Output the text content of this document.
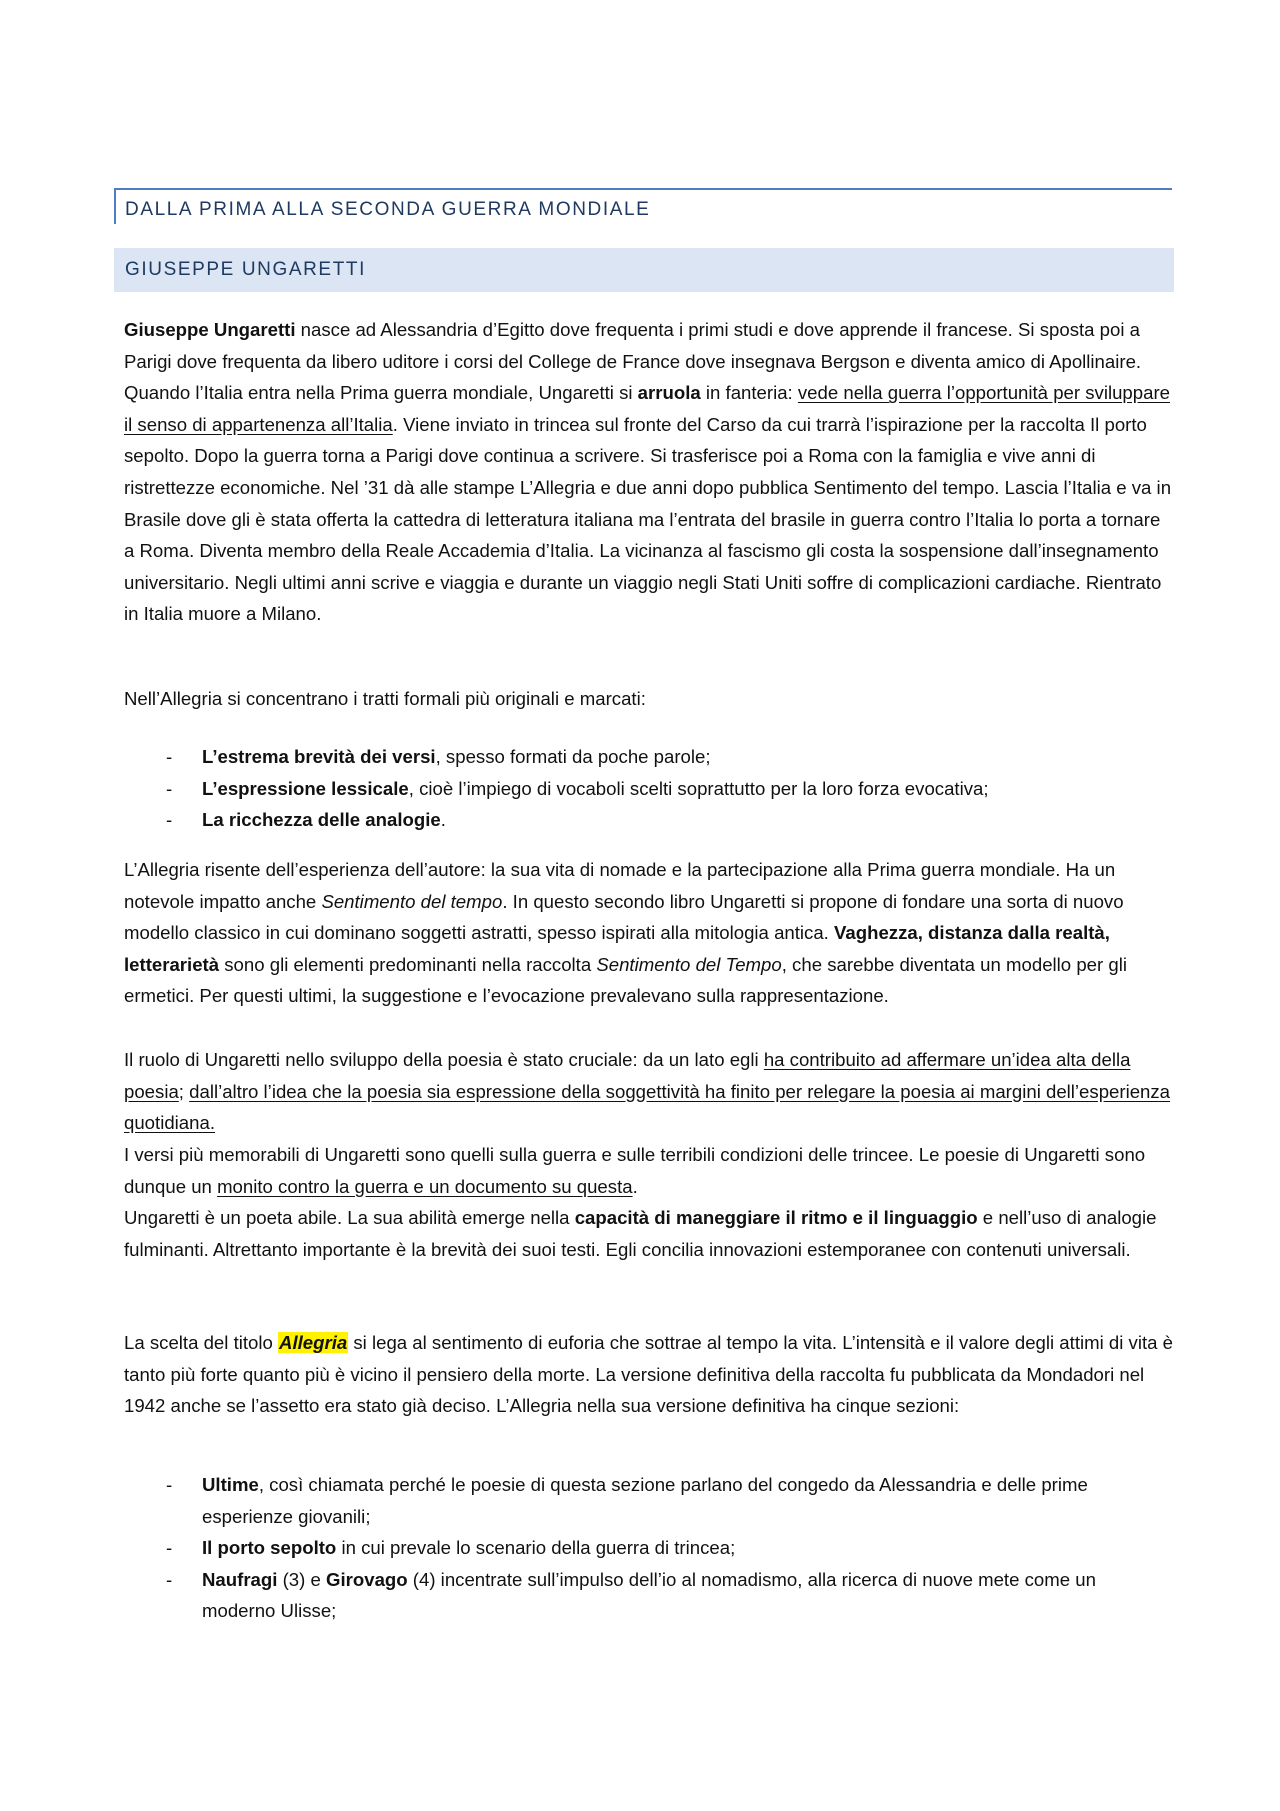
DALLA PRIMA ALLA SECONDA GUERRA MONDIALE
GIUSEPPE UNGARETTI

Giuseppe Ungaretti nasce ad Alessandria d’Egitto dove frequenta i primi studi e dove apprende il francese. Si sposta poi a Parigi dove frequenta da libero uditore i corsi del College de France dove insegnava Bergson e diventa amico di Apollinaire. Quando l’Italia entra nella Prima guerra mondiale, Ungaretti si arruola in fanteria: vede nella guerra l’opportunità per sviluppare il senso di appartenenza all’Italia. Viene inviato in trincea sul fronte del Carso da cui trarrà l’ispirazione per la raccolta Il porto sepolto. Dopo la guerra torna a Parigi dove continua a scrivere. Si trasferisce poi a Roma con la famiglia e vive anni di ristrettezze economiche. Nel ’31 dà alle stampe L’Allegria e due anni dopo pubblica Sentimento del tempo. Lascia l’Italia e va in Brasile dove gli è stata offerta la cattedra di letteratura italiana ma l’entrata del brasile in guerra contro l’Italia lo porta a tornare a Roma. Diventa membro della Reale Accademia d’Italia. La vicinanza al fascismo gli costa la sospensione dall’insegnamento universitario. Negli ultimi anni scrive e viaggia e durante un viaggio negli Stati Uniti soffre di complicazioni cardiache. Rientrato in Italia muore a Milano.

Nell’Allegria si concentrano i tratti formali più originali e marcati:

- L’estrema brevità dei versi, spesso formati da poche parole;
- L’espressione lessicale, cioè l’impiego di vocaboli scelti soprattutto per la loro forza evocativa;
- La ricchezza delle analogie.

L’Allegria risente dell’esperienza dell’autore: la sua vita di nomade e la partecipazione alla Prima guerra mondiale. Ha un notevole impatto anche Sentimento del tempo. In questo secondo libro Ungaretti si propone di fondare una sorta di nuovo modello classico in cui dominano soggetti astratti, spesso ispirati alla mitologia antica. Vaghezza, distanza dalla realtà, letterarietà sono gli elementi predominanti nella raccolta Sentimento del Tempo, che sarebbe diventata un modello per gli ermetici. Per questi ultimi, la suggestione e l’evocazione prevalevano sulla rappresentazione.

Il ruolo di Ungaretti nello sviluppo della poesia è stato cruciale: da un lato egli ha contribuito ad affermare un’idea alta della poesia; dall’altro l’idea che la poesia sia espressione della soggettività ha finito per relegare la poesia ai margini dell’esperienza quotidiana.

I versi più memorabili di Ungaretti sono quelli sulla guerra e sulle terribili condizioni delle trincee. Le poesie di Ungaretti sono dunque un monito contro la guerra e un documento su questa.

Ungaretti è un poeta abile. La sua abilità emerge nella capacità di maneggiare il ritmo e il linguaggio e nell’uso di analogie fulminanti. Altrettanto importante è la brevità dei suoi testi. Egli concilia innovazioni estemporanee con contenuti universali.

La scelta del titolo Allegria si lega al sentimento di euforia che sottrae al tempo la vita. L’intensità e il valore degli attimi di vita è tanto più forte quanto più è vicino il pensiero della morte. La versione definitiva della raccolta fu pubblicata da Mondadori nel 1942 anche se l’assetto era stato già deciso. L’Allegria nella sua versione definitiva ha cinque sezioni:

- Ultime, così chiamata perché le poesie di questa sezione parlano del congedo da Alessandria e delle prime esperienze giovanili;
- Il porto sepolto in cui prevale lo scenario della guerra di trincea;
- Naufragi (3) e Girovago (4) incentrate sull’impulso dell’io al nomadismo, alla ricerca di nuove mete come un moderno Ulisse;
